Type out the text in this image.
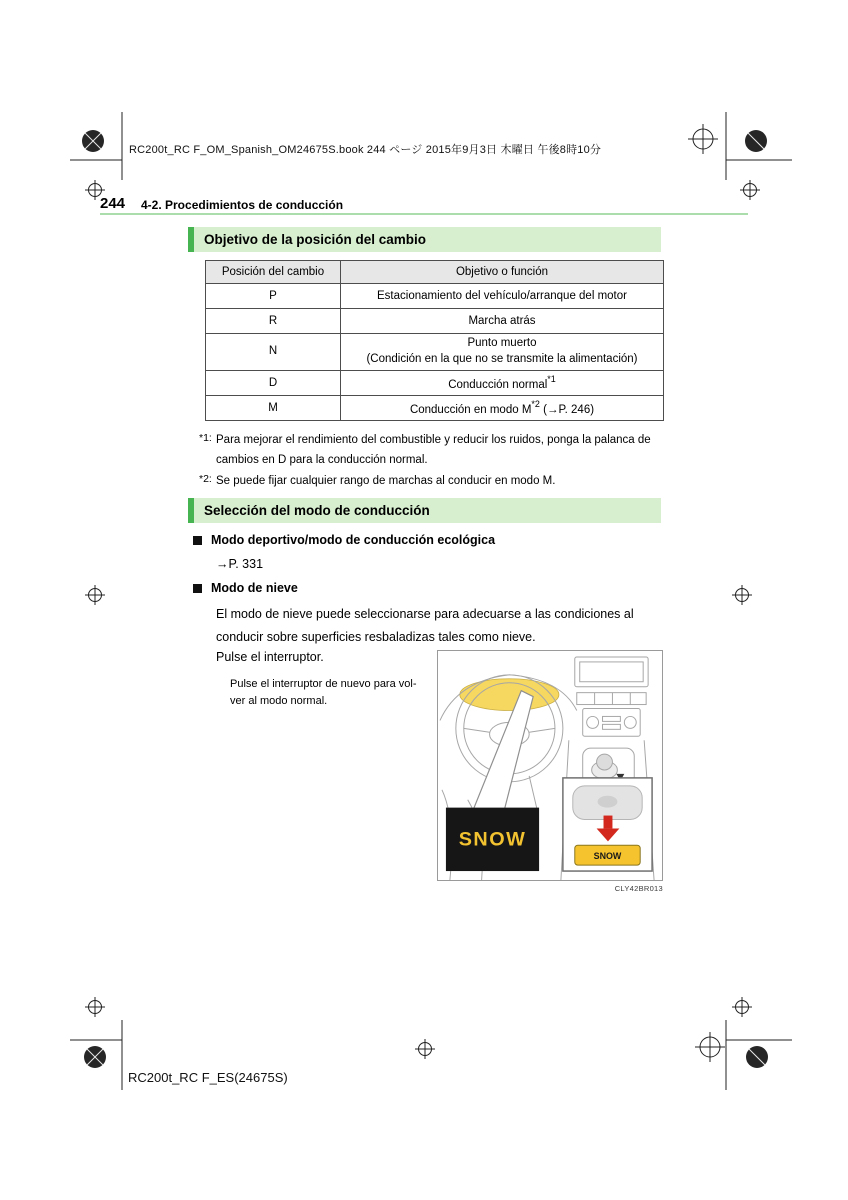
RC200t_RC F_OM_Spanish_OM24675S.book 244 ページ 2015年9月3日 木曜日 午後8時10分
244 4-2. Procedimientos de conducción
Objetivo de la posición del cambio
Posición del cambio	Objetivo o función
P	Estacionamiento del vehículo/arranque del motor
R	Marcha atrás
N	Punto muerto
(Condición en la que no se transmite la alimentación)
D	Conducción normal$^{*1}$
M	Conducción en modo $M^{*2}$ (→P. 246)
*1: Para mejorar el rendimiento del combustible y reducir los ruidos, ponga la palanca de cambios en D para la conducción normal.
*2: Se puede fijar cualquier rango de marchas al conducir en modo M.
Selección del modo de conducción
Modo deportivo/modo de conducción ecológica
→P. 331
Modo de nieve
El modo de nieve puede seleccionarse para adecuarse a las condiciones al conducir sobre superficies resbaladizas tales como nieve.
Pulse el interruptor.
Pulse el interruptor de nuevo para vol-
ver al modo normal.
SNOW
SNOW
CLY42BR013
RC200t_RC F_ES(24675S)
